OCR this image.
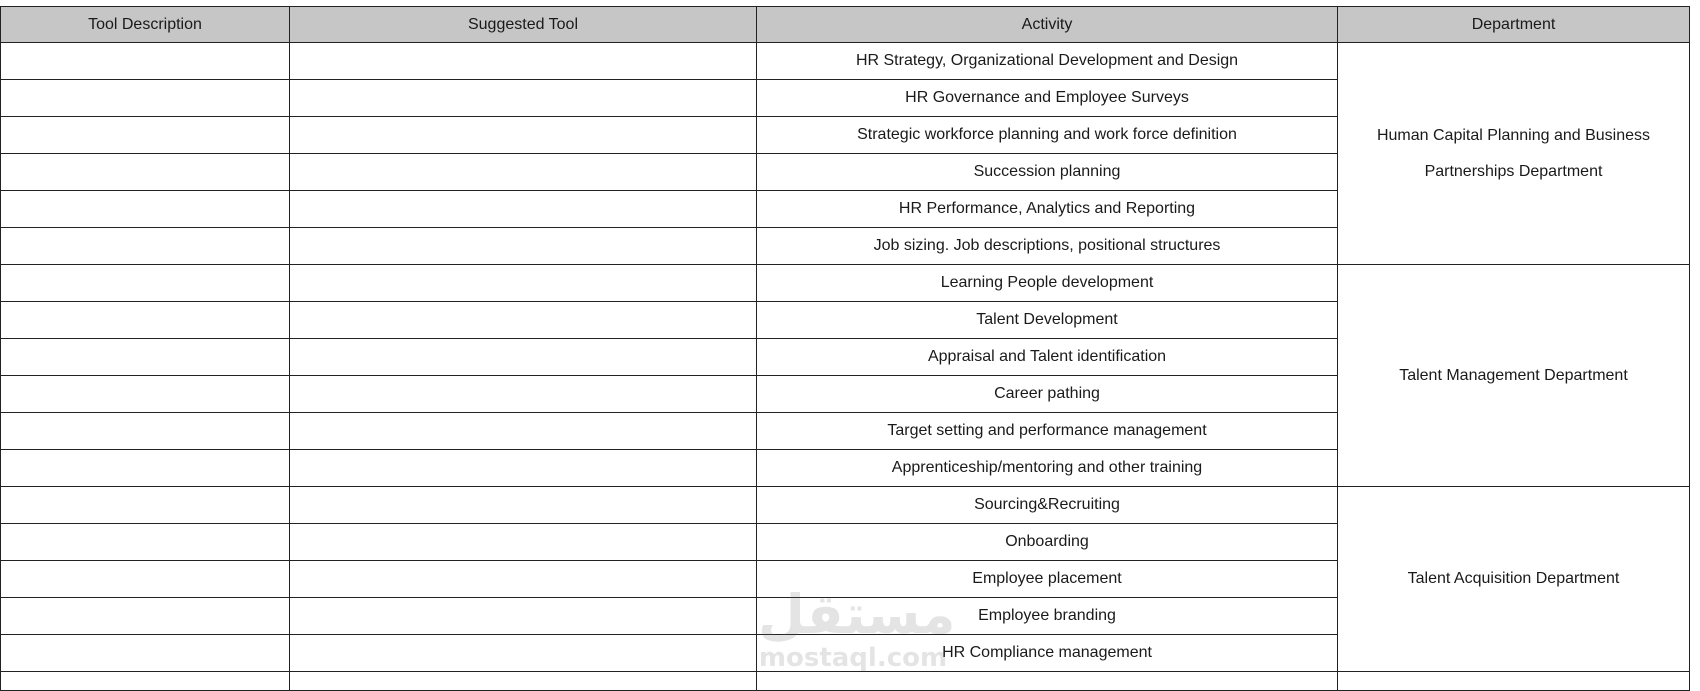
Tool Description	Suggested Tool	Activity	Department
		HR Strategy, Organizational Development and Design	Human Capital Planning and Business Partnerships Department
		HR Governance and Employee Surveys	
		Strategic workforce planning and work force definition	
		Succession planning	
		HR Performance, Analytics and Reporting	
		Job sizing. Job descriptions, positional structures	
		Learning People development	Talent Management Department
		Talent Development	
		Appraisal and Talent identification	
		Career pathing	
		Target setting and performance management	
		Apprenticeship/mentoring and other training	
		Sourcing&Recruiting	Talent Acquisition Department
		Onboarding	
		Employee placement	
		Employee branding	
		HR Compliance management	

مستقل
mostaql.com
